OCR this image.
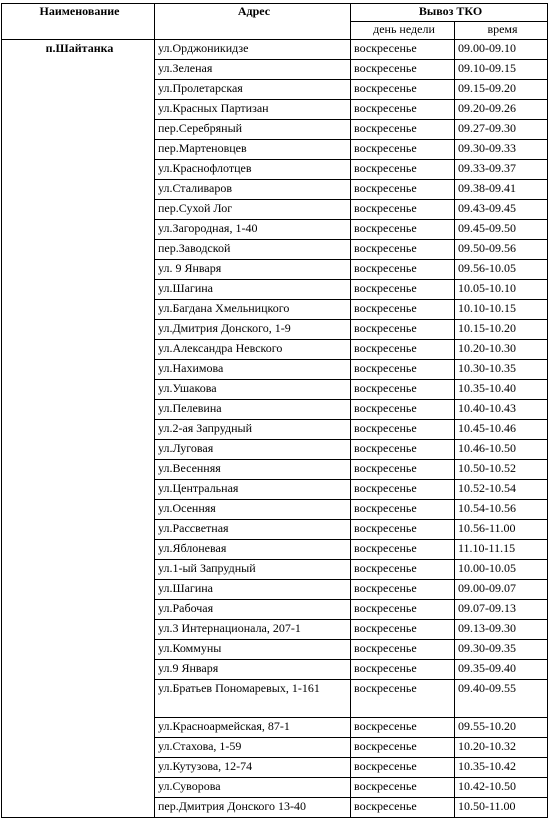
Наименование	Адрес	Вывоз ТКО	
		день недели	время
п.Шайтанка	ул.Орджоникидзе	воскресенье	09.00-09.10
	ул.Зеленая	воскресенье	09.10-09.15
	ул.Пролетарская	воскресенье	09.15-09.20
	ул.Красных Партизан	воскресенье	09.20-09.26
	пер.Серебряный	воскресенье	09.27-09.30
	пер.Мартеновцев	воскресенье	09.30-09.33
	ул.Краснофлотцев	воскресенье	09.33-09.37
	ул.Сталиваров	воскресенье	09.38-09.41
	пер.Сухой Лог	воскресенье	09.43-09.45
	ул.Загородная, 1-40	воскресенье	09.45-09.50
	пер.Заводской	воскресенье	09.50-09.56
	ул. 9 Января	воскресенье	09.56-10.05
	ул.Шагина	воскресенье	10.05-10.10
	ул.Багдана Хмельницкого	воскресенье	10.10-10.15
	ул.Дмитрия Донского, 1-9	воскресенье	10.15-10.20
	ул.Александра Невского	воскресенье	10.20-10.30
	ул.Нахимова	воскресенье	10.30-10.35
	ул.Ушакова	воскресенье	10.35-10.40
	ул.Пелевина	воскресенье	10.40-10.43
	ул.2-ая Запрудный	воскресенье	10.45-10.46
	ул.Луговая	воскресенье	10.46-10.50
	ул.Весенняя	воскресенье	10.50-10.52
	ул.Центральная	воскресенье	10.52-10.54
	ул.Осенняя	воскресенье	10.54-10.56
	ул.Рассветная	воскресенье	10.56-11.00
	ул.Яблоневая	воскресенье	11.10-11.15
	ул.1-ый Запрудный	воскресенье	10.00-10.05
	ул.Шагина	воскресенье	09.00-09.07
	ул.Рабочая	воскресенье	09.07-09.13
	ул.3 Интернационала, 207-1	воскресенье	09.13-09.30
	ул.Коммуны	воскресенье	09.30-09.35
	ул.9 Января	воскресенье	09.35-09.40
	ул.Братьев Пономаревых, 1-161	воскресенье	09.40-09.55
	ул.Красноармейская, 87-1	воскресенье	09.55-10.20
	ул.Стахова, 1-59	воскресенье	10.20-10.32
	ул.Кутузова, 12-74	воскресенье	10.35-10.42
	ул.Суворова	воскресенье	10.42-10.50
	пер.Дмитрия Донского 13-40	воскресенье	10.50-11.00
